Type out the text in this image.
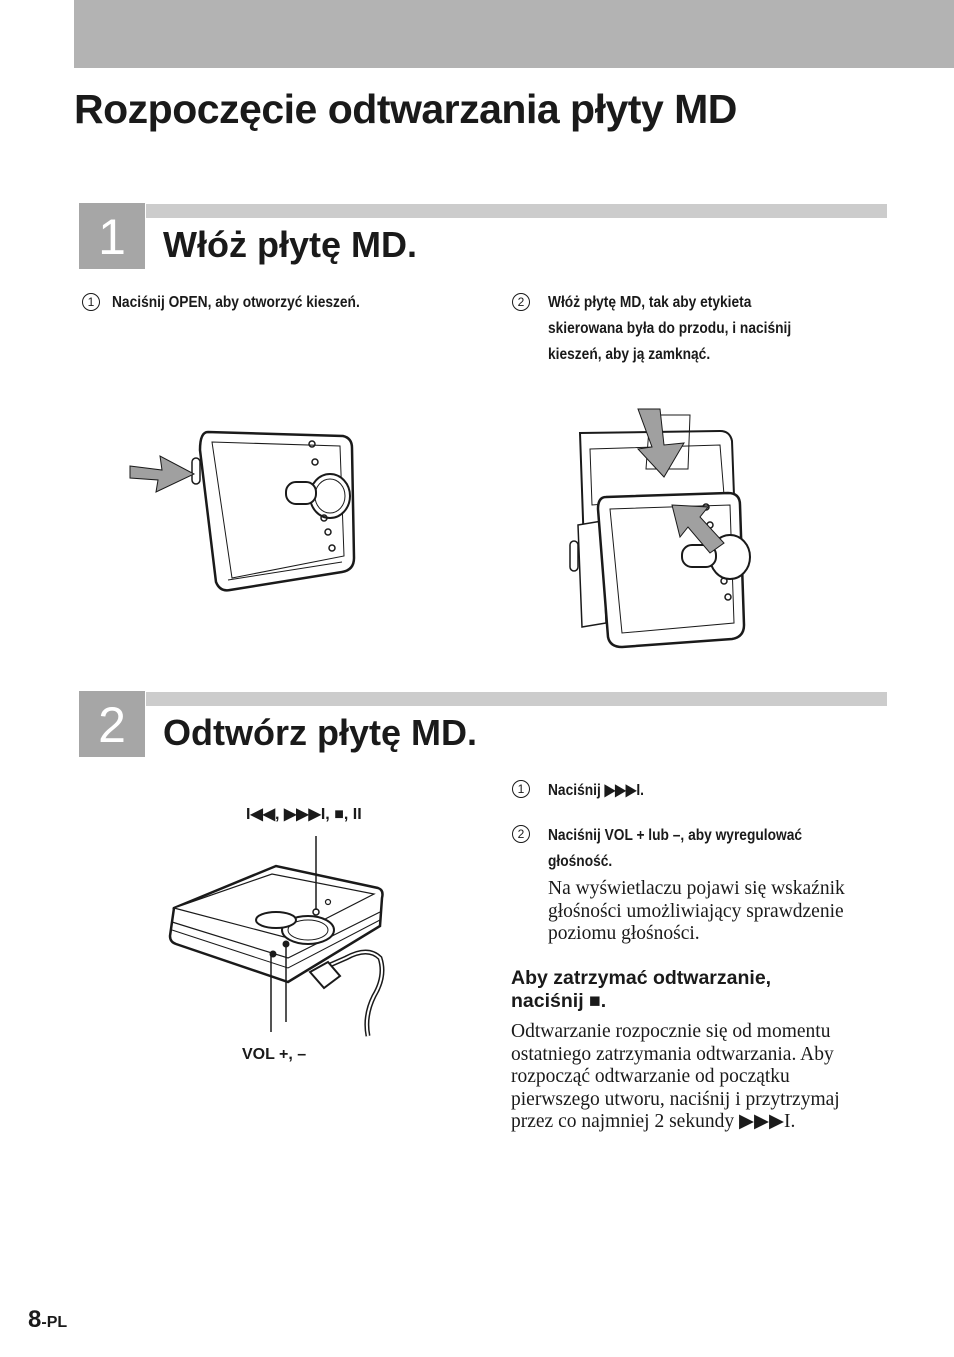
Rozpoczęcie odtwarzania płyty MD
1	Włóż płytę MD.
1	Naciśnij OPEN, aby otworzyć kieszeń.	2	Włóż płytę MD, tak aby etykieta
skierowana była do przodu, i naciśnij
kieszeń, aby ją zamknąć.
2	Odtwórz płytę MD.
I◀◀, ▶▶▶I, ■, II
VOL +, –
1	Naciśnij ▶▶▶I.
2	Naciśnij VOL + lub –, aby wyregulować
głośność.
Na wyświetlaczu pojawi się wskaźnik
głośności umożliwiający sprawdzenie
poziomu głośności.
Aby zatrzymać odtwarzanie,
naciśnij ■.
Odtwarzanie rozpocznie się od momentu
ostatniego zatrzymania odtwarzania. Aby
rozpocząć odtwarzanie od początku
pierwszego utworu, naciśnij i przytrzymaj
przez co najmniej 2 sekundy ▶▶▶I.
8-PL
